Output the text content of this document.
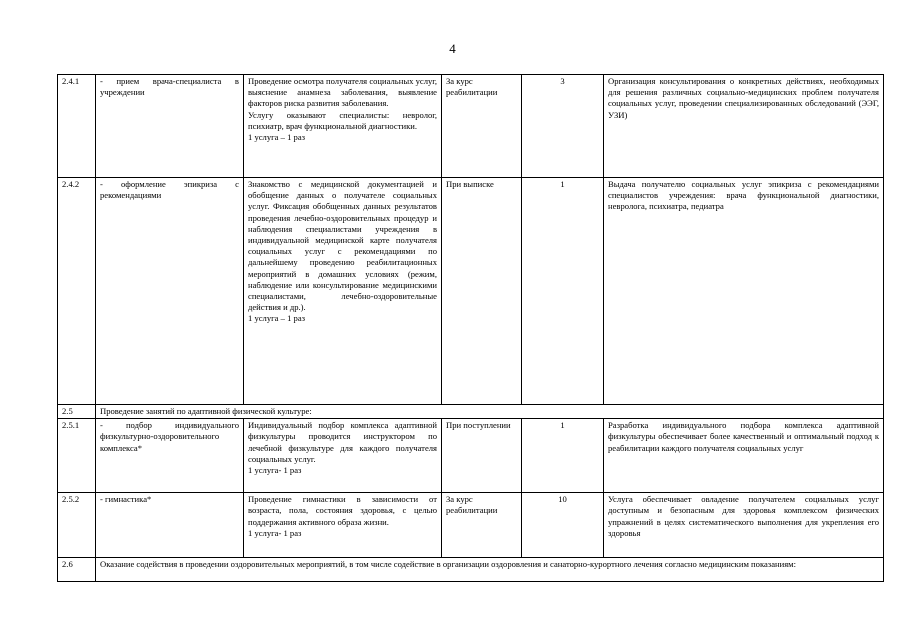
4
2.4.1	- прием врача-специалиста в учреждении	Проведение осмотра получателя социальных услуг, выяснение анамнеза заболевания, выявление факторов риска развития заболевания.
Услугу оказывают специалисты: невролог, психиатр, врач функциональной диагностики.
1 услуга – 1 раз	За курс реабилитации	3	Организация консультирования о конкретных действиях, необходимых для решения различных социально-медицинских проблем получателя социальных услуг, проведении специализированных обследований (ЭЭГ, УЗИ)
2.4.2	- оформление эпикриза с рекомендациями	Знакомство с медицинской документацией и обобщение данных о получателе социальных услуг. Фиксация обобщенных данных результатов проведения лечебно-оздоровительных процедур и наблюдения специалистами учреждения в индивидуальной медицинской карте получателя социальных услуг с рекомендациями по дальнейшему проведению реабилитационных мероприятий в домашних условиях (режим, наблюдение или консультирование медицинскими специалистами, лечебно-оздоровительные действия и др.).
1 услуга – 1 раз	При выписке	1	Выдача получателю социальных услуг эпикриза с рекомендациями специалистов учреждения: врача функциональной диагностики, невролога, психиатра, педиатра
2.5	Проведение занятий по адаптивной физической культуре:				
2.5.1	- подбор индивидуального физкультурно-оздоровительного комплекса*	Индивидуальный подбор комплекса адаптивной физкультуры проводится инструктором по лечебной физкультуре для каждого получателя социальных услуг.
1 услуга- 1 раз	При поступлении	1	Разработка индивидуального подбора комплекса адаптивной физкультуры обеспечивает более качественный и оптимальный подход к реабилитации каждого получателя социальных услуг
2.5.2	- гимнастика*	Проведение гимнастики в зависимости от возраста, пола, состояния здоровья, с целью поддержания активного образа жизни.
1 услуга- 1 раз	За курс реабилитации	10	Услуга обеспечивает овладение получателем социальных услуг доступным и безопасным для здоровья комплексом физических упражнений в целях систематического выполнения для укрепления его здоровья
2.6	Оказание содействия в проведении оздоровительных мероприятий, в том числе содействие в организации оздоровления и санаторно-курортного лечения согласно медицинским показаниям:				
